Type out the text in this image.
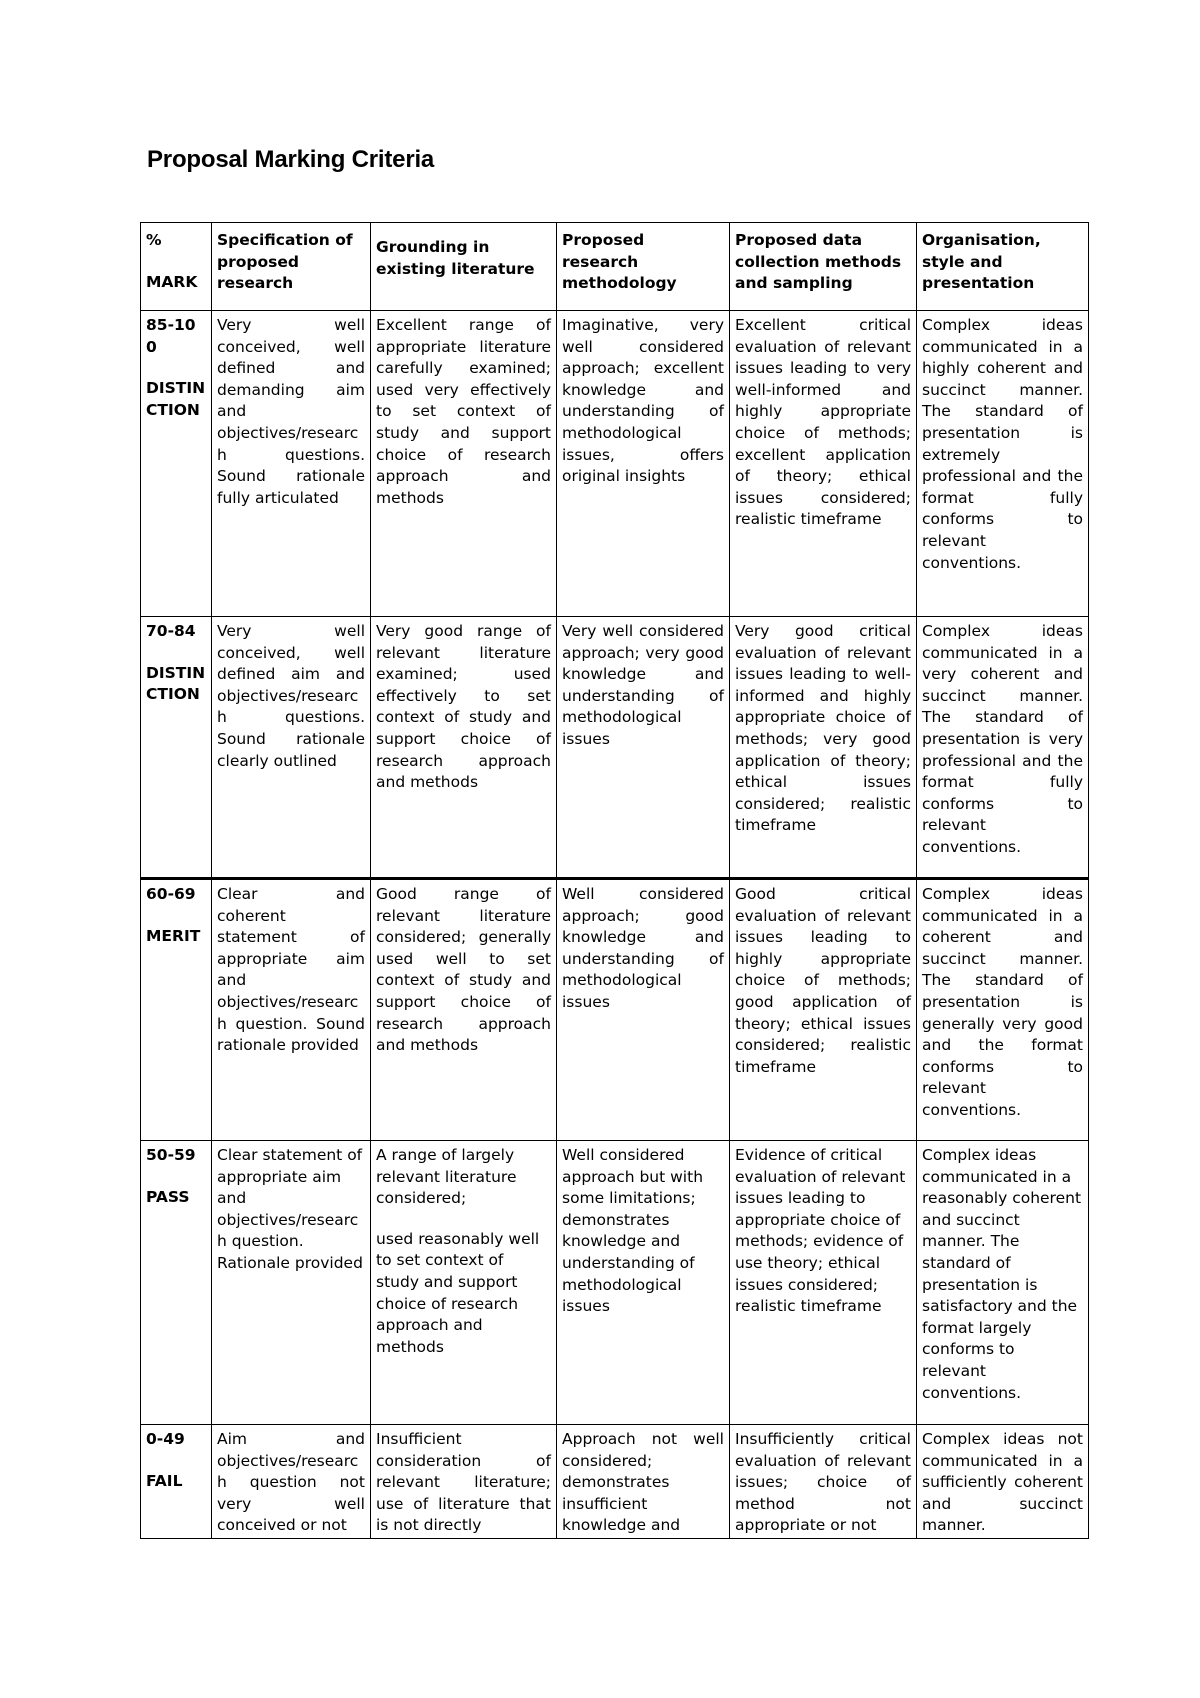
Proposal Marking Criteria
%
MARK	Specification of proposed research	Grounding in existing literature	Proposed research methodology	Proposed data collection methods and sampling	Organisation, style and presentation

85-100
DISTINCTION	Very well conceived, well defined and demanding aim and objectives/research questions. Sound rationale fully articulated	Excellent range of appropriate literature carefully examined; used very effectively to set context of study and support choice of research approach and methods	Imaginative, very well considered approach; excellent knowledge and understanding of methodological issues, offers original insights	Excellent critical evaluation of relevant issues leading to very well-informed and highly appropriate choice of methods; excellent application of theory; ethical issues considered; realistic timeframe	Complex ideas communicated in a highly coherent and succinct manner. The standard of presentation is extremely professional and the format fully conforms to relevant conventions.

70-84
DISTINCTION	Very well conceived, well defined aim and objectives/research questions. Sound rationale clearly outlined	Very good range of relevant literature examined; used effectively to set context of study and support choice of research approach and methods	Very well considered approach; very good knowledge and understanding of methodological issues	Very good critical evaluation of relevant issues leading to well-informed and highly appropriate choice of methods; very good application of theory; ethical issues considered; realistic timeframe	Complex ideas communicated in a very coherent and succinct manner. The standard of presentation is very professional and the format fully conforms to relevant conventions.

60-69
MERIT	Clear and coherent statement of appropriate aim and objectives/research question. Sound rationale provided	Good range of relevant literature considered; generally used well to set context of study and support choice of research approach and methods	Well considered approach; good knowledge and understanding of methodological issues	Good critical evaluation of relevant issues leading to highly appropriate choice of methods; good application of theory; ethical issues considered; realistic timeframe	Complex ideas communicated in a coherent and succinct manner. The standard of presentation is generally very good and the format conforms to relevant conventions.

50-59
PASS	Clear statement of appropriate aim and objectives/research question. Rationale provided	A range of largely relevant literature considered;
used reasonably well to set context of study and support choice of research approach and methods	Well considered approach but with some limitations; demonstrates knowledge and understanding of methodological issues	Evidence of critical evaluation of relevant issues leading to appropriate choice of methods; evidence of use theory; ethical issues considered; realistic timeframe	Complex ideas communicated in a reasonably coherent and succinct manner. The standard of presentation is satisfactory and the format largely conforms to relevant conventions.

0-49
FAIL	Aim and objectives/research question not very well conceived or not	Insufficient consideration of relevant literature; use of literature that is not directly	Approach not well considered; demonstrates insufficient knowledge and	Insufficiently critical evaluation of relevant issues; choice of method not appropriate or not	Complex ideas not communicated in a sufficiently coherent and succinct manner.
